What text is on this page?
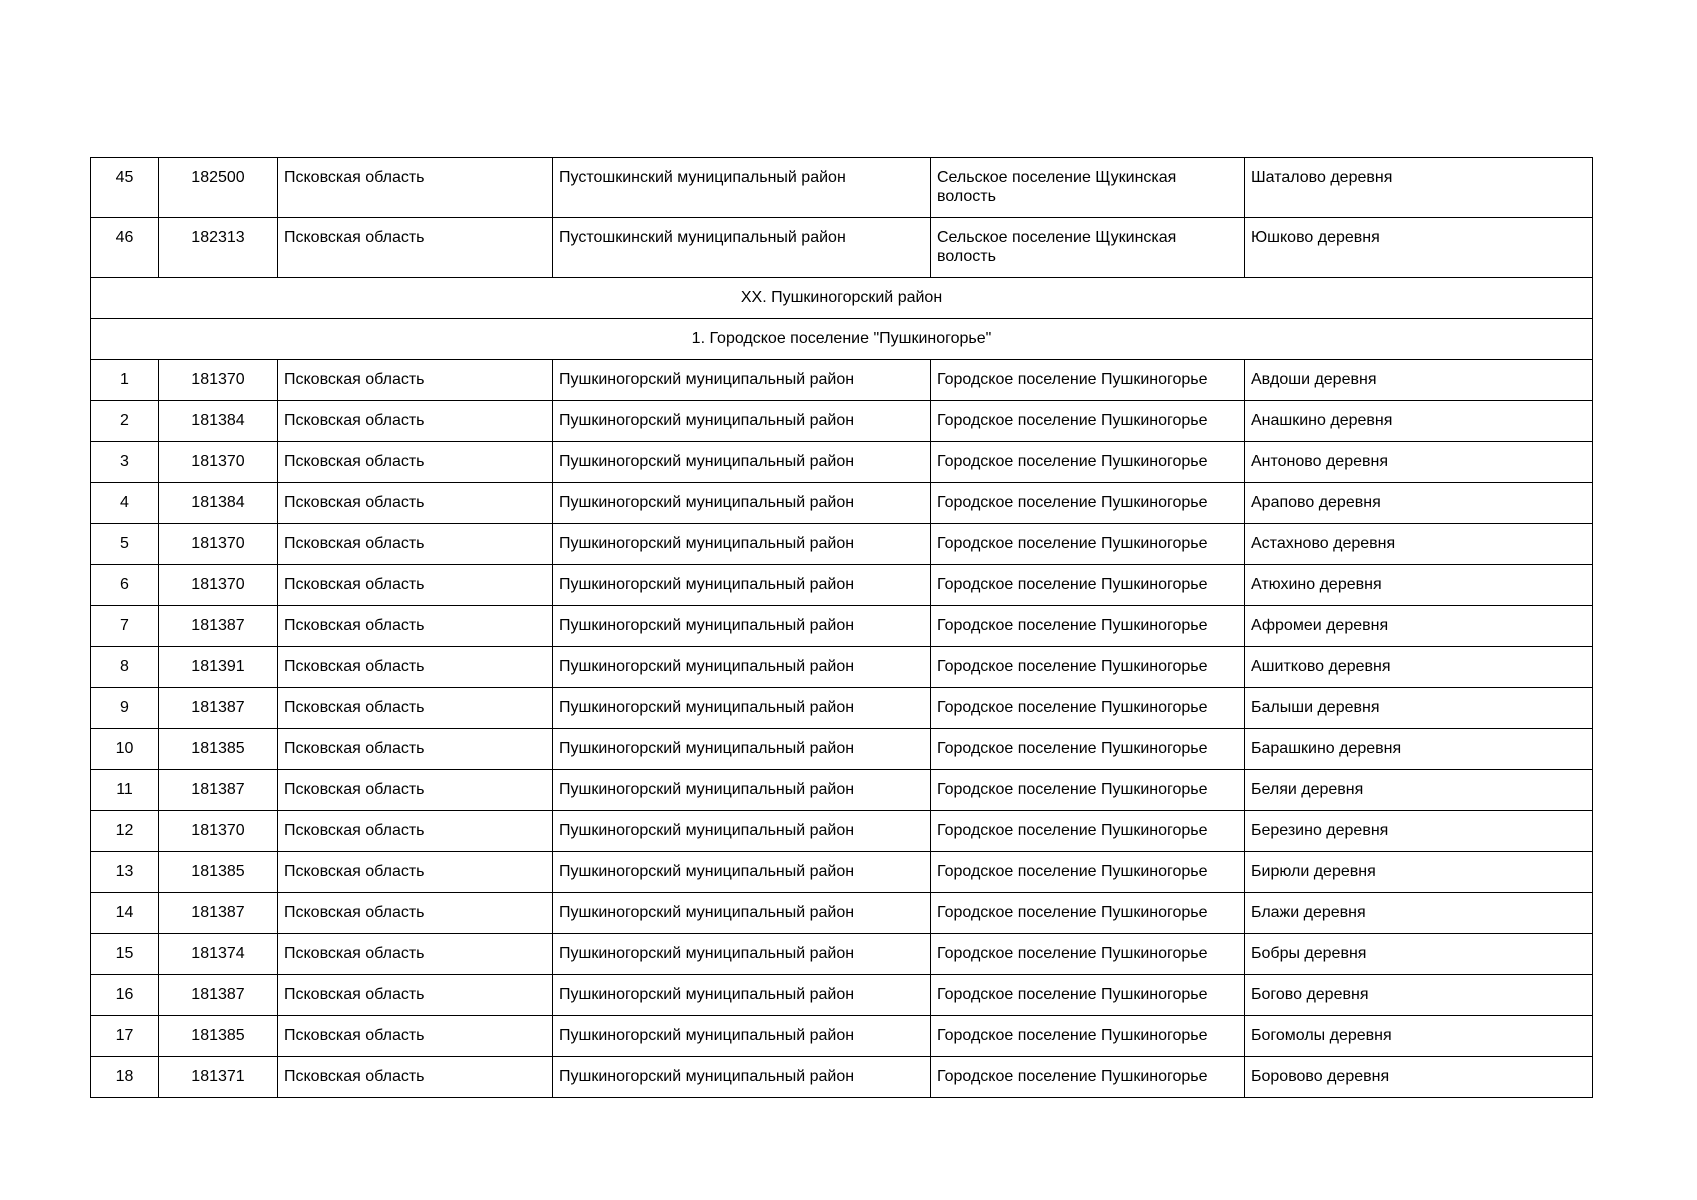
45	182500	Псковская область	Пустошкинский муниципальный район	Сельское поселение Щукинская волость	Шаталово деревня
46	182313	Псковская область	Пустошкинский муниципальный район	Сельское поселение Щукинская волость	Юшково деревня
XX. Пушкиногорский район					
1. Городское поселение "Пушкиногорье"					
1	181370	Псковская область	Пушкиногорский муниципальный район	Городское поселение Пушкиногорье	Авдоши деревня
2	181384	Псковская область	Пушкиногорский муниципальный район	Городское поселение Пушкиногорье	Анашкино деревня
3	181370	Псковская область	Пушкиногорский муниципальный район	Городское поселение Пушкиногорье	Антоново деревня
4	181384	Псковская область	Пушкиногорский муниципальный район	Городское поселение Пушкиногорье	Арапово деревня
5	181370	Псковская область	Пушкиногорский муниципальный район	Городское поселение Пушкиногорье	Астахново деревня
6	181370	Псковская область	Пушкиногорский муниципальный район	Городское поселение Пушкиногорье	Атюхино деревня
7	181387	Псковская область	Пушкиногорский муниципальный район	Городское поселение Пушкиногорье	Афромеи деревня
8	181391	Псковская область	Пушкиногорский муниципальный район	Городское поселение Пушкиногорье	Ашитково деревня
9	181387	Псковская область	Пушкиногорский муниципальный район	Городское поселение Пушкиногорье	Балыши деревня
10	181385	Псковская область	Пушкиногорский муниципальный район	Городское поселение Пушкиногорье	Барашкино деревня
11	181387	Псковская область	Пушкиногорский муниципальный район	Городское поселение Пушкиногорье	Беляи деревня
12	181370	Псковская область	Пушкиногорский муниципальный район	Городское поселение Пушкиногорье	Березино деревня
13	181385	Псковская область	Пушкиногорский муниципальный район	Городское поселение Пушкиногорье	Бирюли деревня
14	181387	Псковская область	Пушкиногорский муниципальный район	Городское поселение Пушкиногорье	Блажи деревня
15	181374	Псковская область	Пушкиногорский муниципальный район	Городское поселение Пушкиногорье	Бобры деревня
16	181387	Псковская область	Пушкиногорский муниципальный район	Городское поселение Пушкиногорье	Богово деревня
17	181385	Псковская область	Пушкиногорский муниципальный район	Городское поселение Пушкиногорье	Богомолы деревня
18	181371	Псковская область	Пушкиногорский муниципальный район	Городское поселение Пушкиногорье	Боровово деревня
